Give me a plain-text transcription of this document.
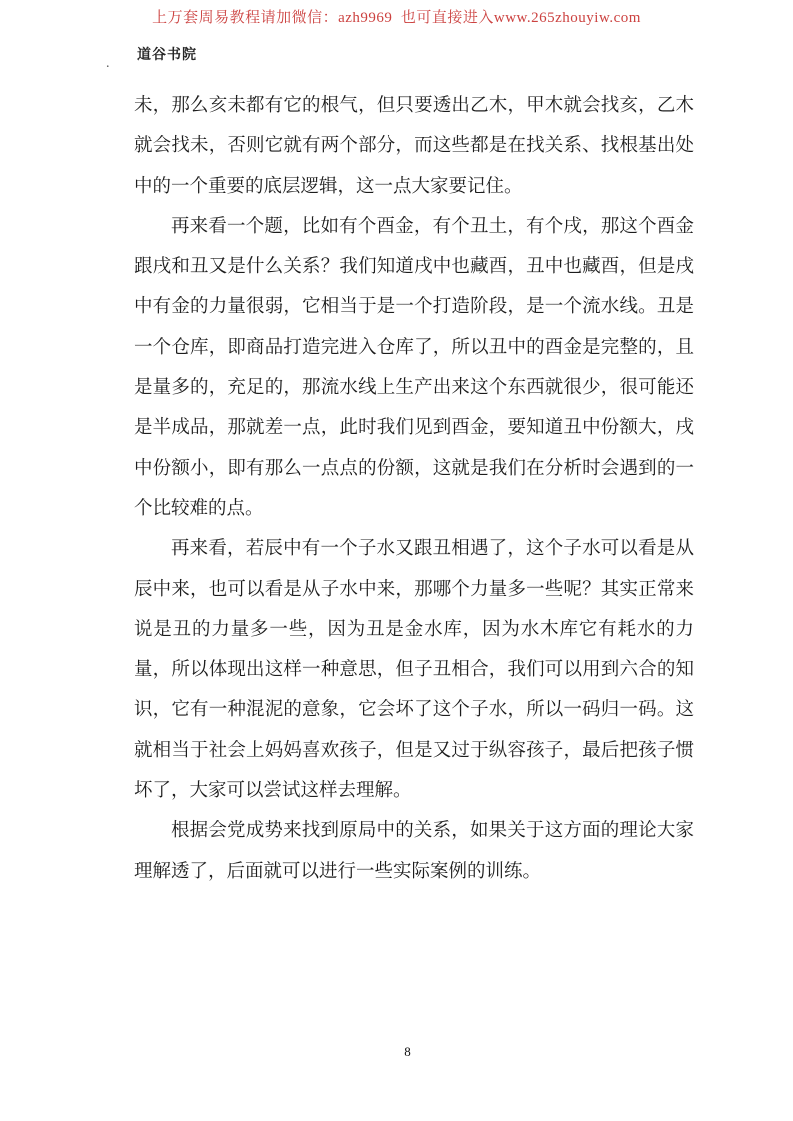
上万套周易教程请加微信：azh9969  也可直接进入www.265zhouyiw.com
道谷书院
.

未，那么亥未都有它的根气，但只要透出乙木，甲木就会找亥，乙木就会找未，否则它就有两个部分，而这些都是在找关系、找根基出处中的一个重要的底层逻辑，这一点大家要记住。

再来看一个题，比如有个酉金，有个丑土，有个戌，那这个酉金跟戌和丑又是什么关系？我们知道戌中也藏酉，丑中也藏酉，但是戌中有金的力量很弱，它相当于是一个打造阶段，是一个流水线。丑是一个仓库，即商品打造完进入仓库了，所以丑中的酉金是完整的，且是量多的，充足的，那流水线上生产出来这个东西就很少，很可能还是半成品，那就差一点，此时我们见到酉金，要知道丑中份额大，戌中份额小，即有那么一点点的份额，这就是我们在分析时会遇到的一个比较难的点。

再来看，若辰中有一个子水又跟丑相遇了，这个子水可以看是从辰中来，也可以看是从子水中来，那哪个力量多一些呢？其实正常来说是丑的力量多一些，因为丑是金水库，因为水木库它有耗水的力量，所以体现出这样一种意思，但子丑相合，我们可以用到六合的知识，它有一种混泥的意象，它会坏了这个子水，所以一码归一码。这就相当于社会上妈妈喜欢孩子，但是又过于纵容孩子，最后把孩子惯坏了，大家可以尝试这样去理解。

根据会党成势来找到原局中的关系，如果关于这方面的理论大家理解透了，后面就可以进行一些实际案例的训练。

8
